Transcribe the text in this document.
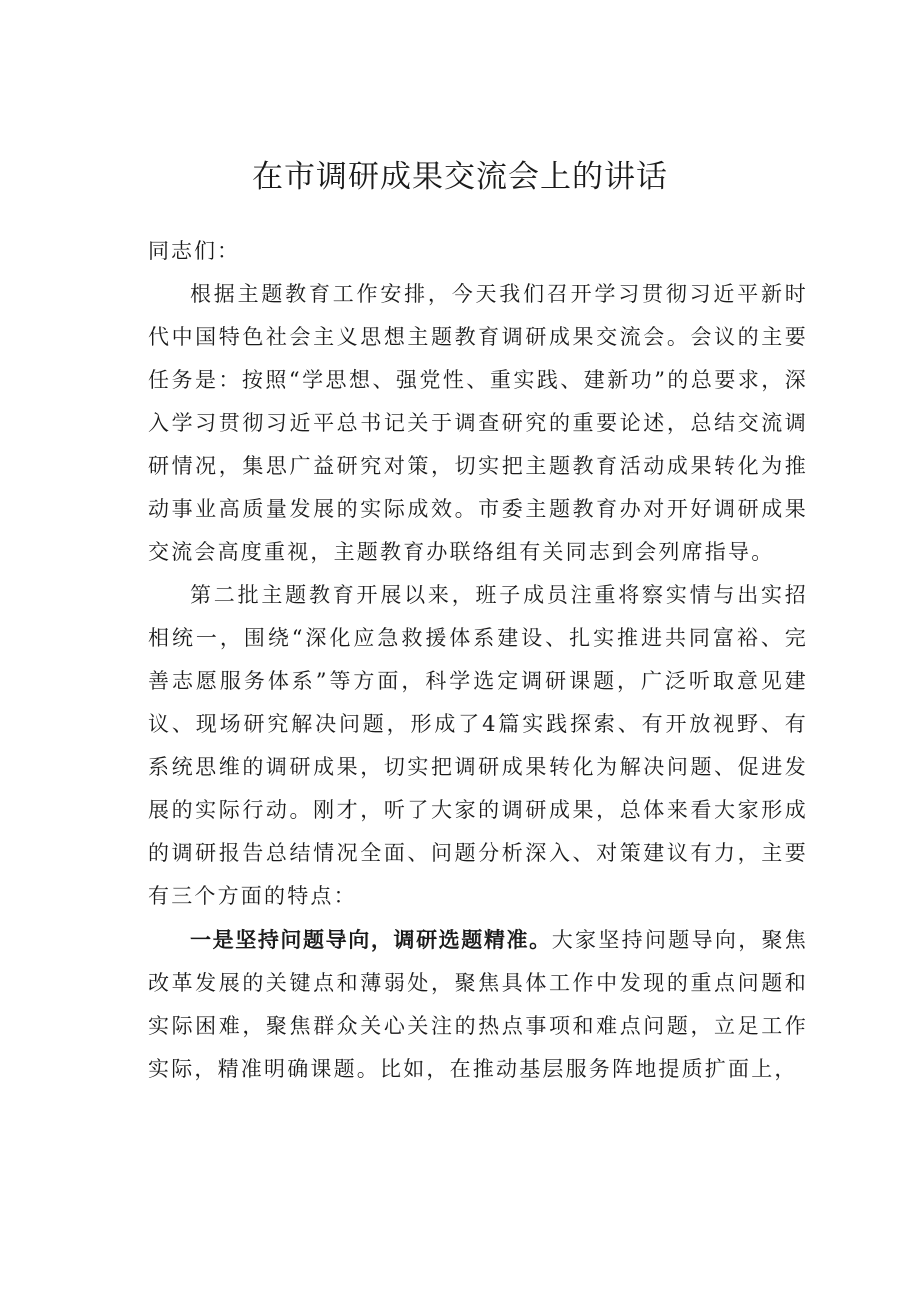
在市调研成果交流会上的讲话

同志们：

根据主题教育工作安排，今天我们召开学习贯彻习近平新时代中国特色社会主义思想主题教育调研成果交流会。会议的主要任务是：按照“学思想、强党性、重实践、建新功”的总要求，深入学习贯彻习近平总书记关于调查研究的重要论述，总结交流调研情况，集思广益研究对策，切实把主题教育活动成果转化为推动事业高质量发展的实际成效。市委主题教育办对开好调研成果交流会高度重视，主题教育办联络组有关同志到会列席指导。

第二批主题教育开展以来，班子成员注重将察实情与出实招相统一，围绕“深化应急救援体系建设、扎实推进共同富裕、完善志愿服务体系”等方面，科学选定调研课题，广泛听取意见建议、现场研究解决问题，形成了4篇实践探索、有开放视野、有系统思维的调研成果，切实把调研成果转化为解决问题、促进发展的实际行动。刚才，听了大家的调研成果，总体来看大家形成的调研报告总结情况全面、问题分析深入、对策建议有力，主要有三个方面的特点：

一是坚持问题导向，调研选题精准。大家坚持问题导向，聚焦改革发展的关键点和薄弱处，聚焦具体工作中发现的重点问题和实际困难，聚焦群众关心关注的热点事项和难点问题，立足工作实际，精准明确课题。比如，在推动基层服务阵地提质扩面上，
